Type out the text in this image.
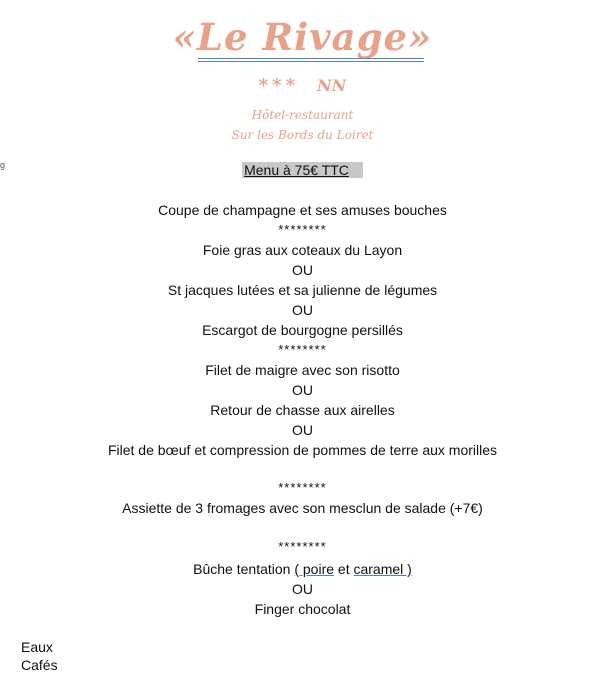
«Le Rivage»
*** NN
Hôtel-restaurant
Sur les Bords du Loiret
g	Menu à 75€ TTC
Coupe de champagne et ses amuses bouches
********
Foie gras aux coteaux du Layon
OU
St jacques lutées et sa julienne de légumes
OU
Escargot de bourgogne persillés
********
Filet de maigre avec son risotto
OU
Retour de chasse aux airelles
OU
Filet de bœuf et compression de pommes de terre aux morilles
********
Assiette de 3 fromages avec son mesclun de salade (+7€)
********
Bûche tentation ( poire et caramel )
OU
Finger chocolat
Eaux
Cafés
